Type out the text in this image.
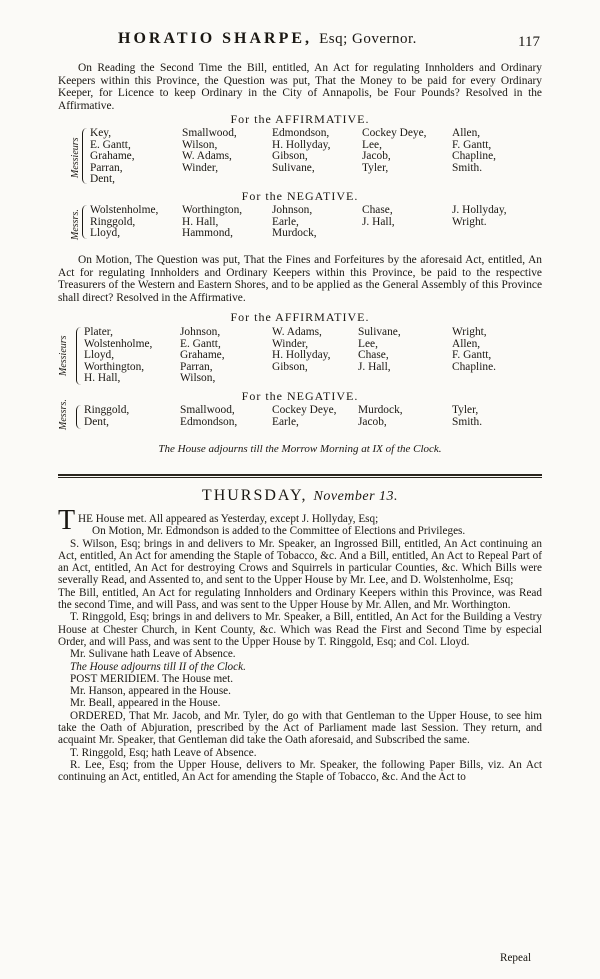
HORATIO SHARPE, Esq; Governor.	117
On Reading the Second Time the Bill, entitled, An Act for regulating Innholders and Ordinary Keepers within this Province, the Question was put, That the Money to be paid for every Ordinary Keeper, for Licence to keep Ordinary in the City of Annapolis, be Four Pounds? Resolved in the Affirmative.
For the AFFIRMATIVE.
Messieurs
Key,
E. Gantt,
Grahame,
Parran,
Dent,
Smallwood,
Wilson,
W. Adams,
Winder,
Edmondson,
H. Hollyday,
Gibson,
Sulivane,
Cockey Deye,
Lee,
Jacob,
Tyler,
Allen,
F. Gantt,
Chapline,
Smith.
For the NEGATIVE.
Messrs. Wolstenholme,
Ringgold,
Lloyd,
Worthington,
H. Hall,
Hammond,
Johnson,
Earle,
Murdock,
Chase,
J. Hall,
J. Hollyday,
Wright.
On Motion, The Question was put, That the Fines and Forfeitures by the aforesaid Act, entitled, An Act for regulating Innholders and Ordinary Keepers within this Province, be paid to the respective Treasurers of the Western and Eastern Shores, and to be applied as the General Assembly of this Province shall direct? Resolved in the Affirmative.
For the AFFIRMATIVE.
Messieurs
Plater,
Wolstenholme,
Lloyd,
Worthington,
H. Hall,
Johnson,
E. Gantt,
Grahame,
Parran,
Wilson,
W. Adams,
Winder,
H. Hollyday,
Gibson,
Sulivane,
Lee,
Chase,
J. Hall,
Wright,
Allen,
F. Gantt,
Chapline.
For the NEGATIVE.
Messrs. Ringgold,
Dent,
Smallwood,
Edmondson,
Cockey Deye,
Earle,
Murdock,
Jacob,
Tyler,
Smith.
The House adjourns till the Morrow Morning at IX of the Clock.
THURSDAY, November 13.
T HE House met. All appeared as Yesterday, except J. Hollyday, Esq;

On Motion, Mr. Edmondson is added to the Committee of Elections and Privileges.

S. Wilson, Esq; brings in and delivers to Mr. Speaker, an Ingrossed Bill, entitled, An Act continuing an Act, entitled, An Act for amending the Staple of Tobacco, &c. And a Bill, entitled, An Act to Repeal Part of an Act, entitled, An Act for destroying Crows and Squirrels in particular Counties, &c. Which Bills were severally Read, and Assented to, and sent to the Upper House by Mr. Lee, and D. Wolstenholme, Esq;

The Bill, entitled, An Act for regulating Innholders and Ordinary Keepers within this Province, was Read the second Time, and will Pass, and was sent to the Upper House by Mr. Allen, and Mr. Worthington.

T. Ringgold, Esq; brings in and delivers to Mr. Speaker, a Bill, entitled, An Act for the Building a Vestry House at Chester Church, in Kent County, &c. Which was Read the First and Second Time by especial Order, and will Pass, and was sent to the Upper House by T. Ringgold, Esq; and Col. Lloyd.

Mr. Sulivane hath Leave of Absence.

The House adjourns till II of the Clock.

POST MERIDIEM. The House met.

Mr. Hanson, appeared in the House.

Mr. Beall, appeared in the House.

ORDERED, That Mr. Jacob, and Mr. Tyler, do go with that Gentleman to the Upper House, to see him take the Oath of Abjuration, prescribed by the Act of Parliament made last Session. They return, and acquaint Mr. Speaker, that Gentleman did take the Oath aforesaid, and Subscribed the same.

T. Ringgold, Esq; hath Leave of Absence.

R. Lee, Esq; from the Upper House, delivers to Mr. Speaker, the following Paper Bills, viz. An Act continuing an Act, entitled, An Act for amending the Staple of Tobacco, &c. And the Act to

Repeal
